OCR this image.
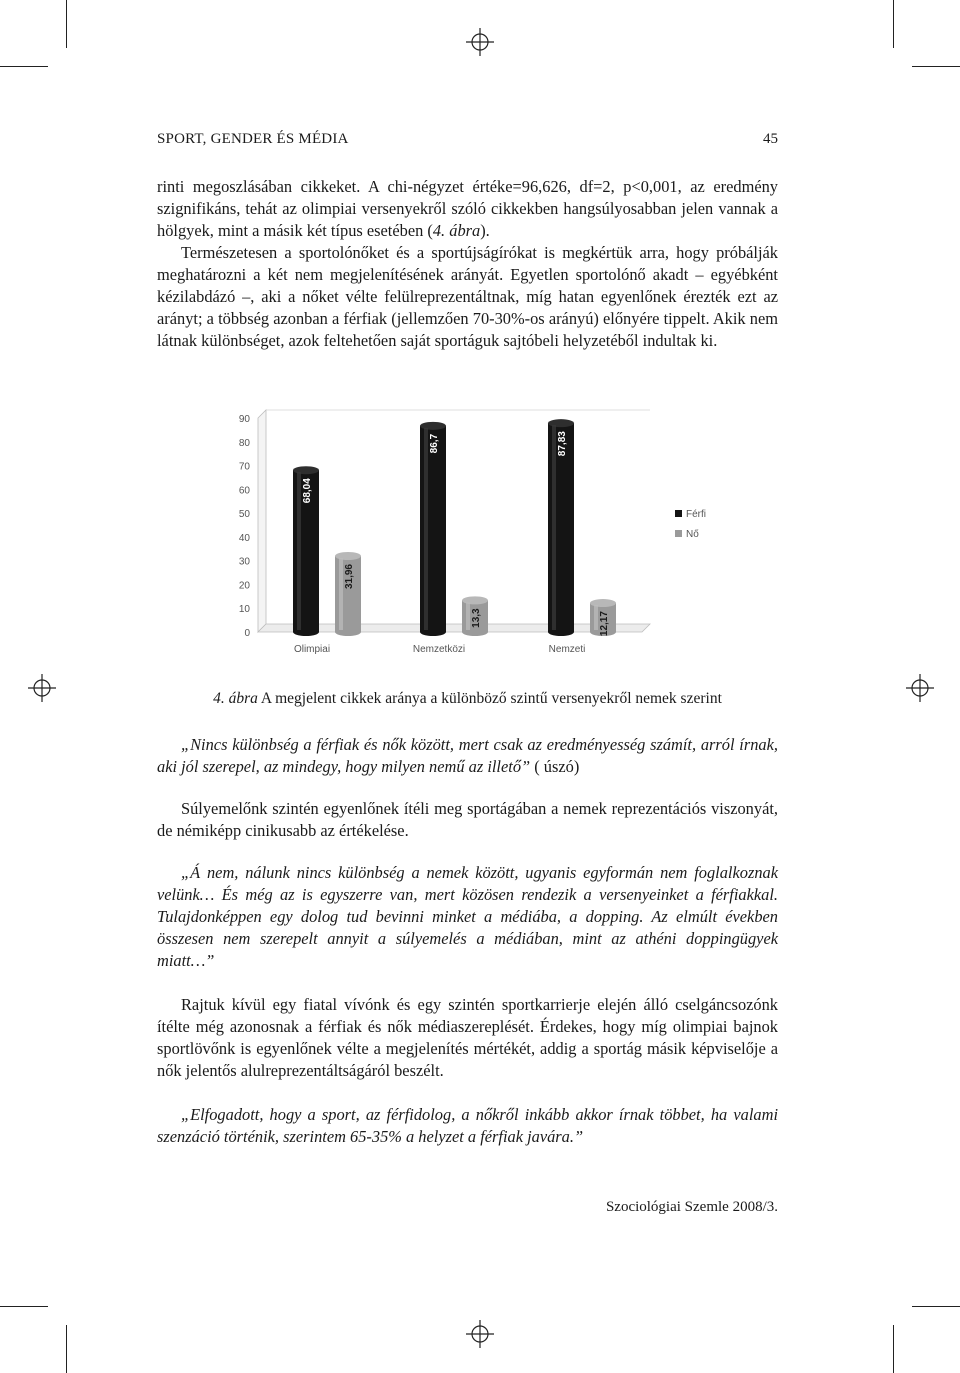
SPORT, GENDER ÉS MÉDIA	45

rinti megoszlásában cikkeket. A chi-négyzet értéke=96,626, df=2, p<0,001, az eredmény szignifikáns, tehát az olimpiai versenyekről szóló cikkekben hangsúlyosabban jelen vannak a hölgyek, mint a másik két típus esetében (4. ábra).

Természetesen a sportolónőket és a sportújságírókat is megkértük arra, hogy próbálják meghatározni a két nem megjelenítésének arányát. Egyetlen sportolónő akadt – egyébként kézilabdázó –, aki a nőket vélte felülreprezentáltnak, míg hatan egyenlőnek érezték ezt az arányt; a többség azonban a férfiak (jellemzően 70-30%-os arányú) előnyére tippelt. Akik nem látnak különbséget, azok feltehetően saját sportáguk sajtóbeli helyzetéből indultak ki.

0
10
20
30
40
50
60
70
80
90
68,04
86,7	87,83
31,96
13,3	12,17
Olimpiai	Nemzetközi	Nemzeti
Férfi
Nő
4. ábra A megjelent cikkek aránya a különböző szintű versenyekről nemek szerint

„Nincs különbség a férfiak és nők között, mert csak az eredményesség számít, arról írnak, aki jól szerepel, az mindegy, hogy milyen nemű az illető” ( úszó)

Súlyemelőnk szintén egyenlőnek ítéli meg sportágában a nemek reprezentációs viszonyát, de némiképp cinikusabb az értékelése.

„Á nem, nálunk nincs különbség a nemek között, ugyanis egyformán nem foglalkoznak velünk… És még az is egyszerre van, mert közösen rendezik a versenyeinket a férfiakkal. Tulajdonképpen egy dolog tud bevinni minket a médiába, a dopping. Az elmúlt években összesen nem szerepelt annyit a súlyemelés a médiában, mint az athéni doppingügyek miatt…”

Rajtuk kívül egy fiatal vívónk és egy szintén sportkarrierje elején álló cselgáncsozónk ítélte még azonosnak a férfiak és nők médiaszereplését. Érdekes, hogy míg olimpiai bajnok sportlövőnk is egyenlőnek vélte a megjelenítés mértékét, addig a sportág másik képviselője a nők jelentős alulreprezentáltságáról beszélt.

„Elfogadott, hogy a sport, az férfidolog, a nőkről inkább akkor írnak többet, ha valami szenzáció történik, szerintem 65-35% a helyzet a férfiak javára.”

Szociológiai Szemle 2008/3.
